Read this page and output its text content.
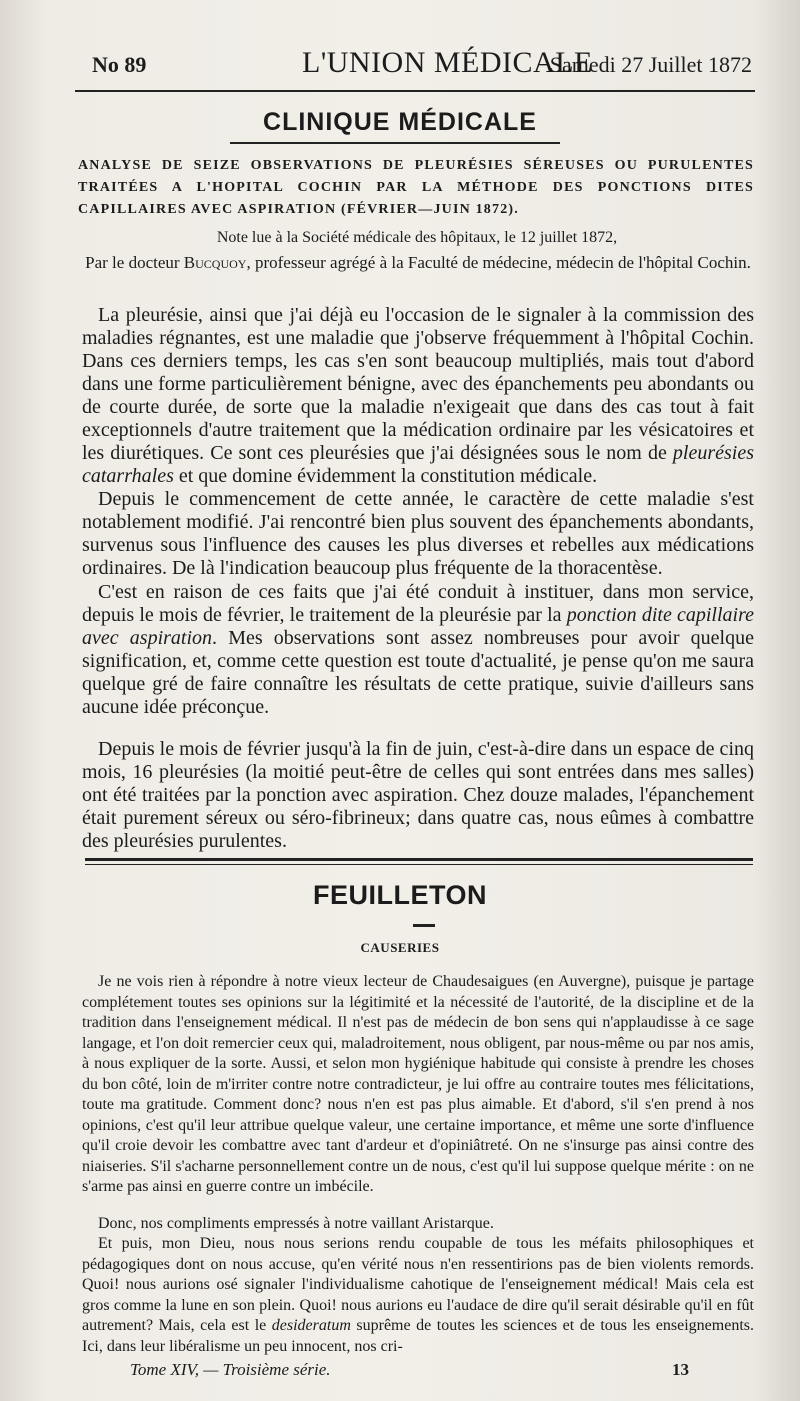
No 89	L'UNION MÉDICALE
Samedi 27 Juillet 1872
CLINIQUE MÉDICALE

ANALYSE DE SEIZE OBSERVATIONS DE PLEURÉSIES SÉREUSES OU PURULENTES TRAITÉES A L'HOPITAL COCHIN PAR LA MÉTHODE DES PONCTIONS DITES CAPILLAIRES AVEC ASPIRATION (FÉVRIER—JUIN 1872).

Note lue à la Société médicale des hôpitaux, le 12 juillet 1872,

Par le docteur Bucquoy, professeur agrégé à la Faculté de médecine, médecin de l'hôpital Cochin.

La pleurésie, ainsi que j'ai déjà eu l'occasion de le signaler à la commission des maladies régnantes, est une maladie que j'observe fréquemment à l'hôpital Cochin. Dans ces derniers temps, les cas s'en sont beaucoup multipliés, mais tout d'abord dans une forme particulièrement bénigne, avec des épanchements peu abondants ou de courte durée, de sorte que la maladie n'exigeait que dans des cas tout à fait exceptionnels d'autre traitement que la médication ordinaire par les vésicatoires et les diurétiques. Ce sont ces pleurésies que j'ai désignées sous le nom de pleurésies catarrhales et que domine évidemment la constitution médicale.

Depuis le commencement de cette année, le caractère de cette maladie s'est notablement modifié. J'ai rencontré bien plus souvent des épanchements abondants, survenus sous l'influence des causes les plus diverses et rebelles aux médications ordinaires. De là l'indication beaucoup plus fréquente de la thoracentèse.

C'est en raison de ces faits que j'ai été conduit à instituer, dans mon service, depuis le mois de février, le traitement de la pleurésie par la ponction dite capillaire avec aspiration. Mes observations sont assez nombreuses pour avoir quelque signification, et, comme cette question est toute d'actualité, je pense qu'on me saura quelque gré de faire connaître les résultats de cette pratique, suivie d'ailleurs sans aucune idée préconçue.

Depuis le mois de février jusqu'à la fin de juin, c'est-à-dire dans un espace de cinq mois, 16 pleurésies (la moitié peut-être de celles qui sont entrées dans mes salles) ont été traitées par la ponction avec aspiration. Chez douze malades, l'épanchement était purement séreux ou séro-fibrineux; dans quatre cas, nous eûmes à combattre des pleurésies purulentes.

FEUILLETON
CAUSERIES

Je ne vois rien à répondre à notre vieux lecteur de Chaudesaigues (en Auvergne), puisque je partage complétement toutes ses opinions sur la légitimité et la nécessité de l'autorité, de la discipline et de la tradition dans l'enseignement médical. Il n'est pas de médecin de bon sens qui n'applaudisse à ce sage langage, et l'on doit remercier ceux qui, maladroitement, nous obligent, par nous-même ou par nos amis, à nous expliquer de la sorte. Aussi, et selon mon hygiénique habitude qui consiste à prendre les choses du bon côté, loin de m'irriter contre notre contradicteur, je lui offre au contraire toutes mes félicitations, toute ma gratitude. Comment donc? nous n'en est pas plus aimable. Et d'abord, s'il s'en prend à nos opinions, c'est qu'il leur attribue quelque valeur, une certaine importance, et même une sorte d'influence qu'il croie devoir les combattre avec tant d'ardeur et d'opiniâtreté. On ne s'insurge pas ainsi contre des niaiseries. S'il s'acharne personnellement contre un de nous, c'est qu'il lui suppose quelque mérite : on ne s'arme pas ainsi en guerre contre un imbécile.

Donc, nos compliments empressés à notre vaillant Aristarque.

Et puis, mon Dieu, nous nous serions rendu coupable de tous les méfaits philosophiques et pédagogiques dont on nous accuse, qu'en vérité nous n'en ressentirions pas de bien violents remords. Quoi! nous aurions osé signaler l'individualisme cahotique de l'enseignement médical! Mais cela est gros comme la lune en son plein. Quoi! nous aurions eu l'audace de dire qu'il serait désirable qu'il en fût autrement? Mais, cela est le desideratum suprême de toutes les sciences et de tous les enseignements. Ici, dans leur libéralisme un peu innocent, nos cri-

Tome XIV, — Troisième série.	13
